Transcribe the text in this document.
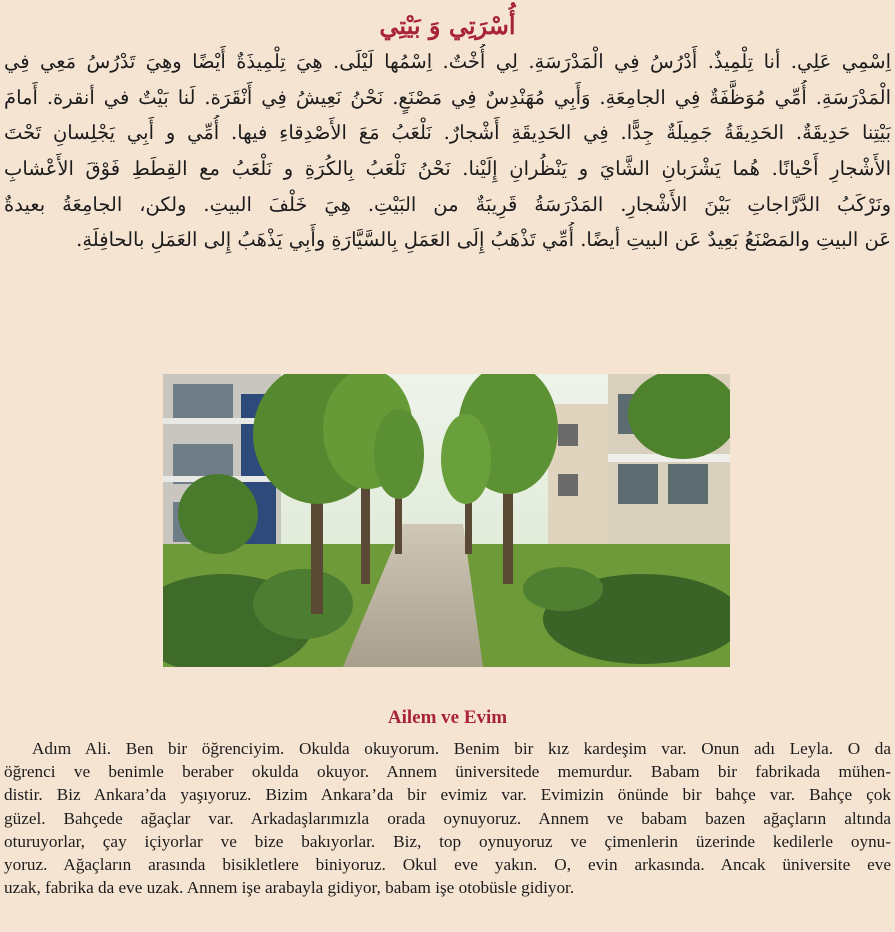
أُسْرَتِي وَ بَيْتِي
اِسْمِي عَلِي. أنا تِلْمِيذٌ. أَدْرُسُ فِي الْمَدْرَسَةِ. لِي أُخْتٌ. اِسْمُها لَيْلَى. هِيَ تِلْمِيذَةٌ أَيْضًا وهِيَ تَدْرُسُ مَعِي فِي
الْمَدْرَسَةِ. أُمِّي مُوَظَّفَةٌ فِي الجامِعَةِ. وَأَبِي مُهَنْدِسٌ فِي مَصْنَعٍ. نَحْنُ نَعِيشُ فِي أَنْقَرَة. لَنا بَيْتٌ في أنقرة. أَمامَ
بَيْتِنا حَدِيقَةٌ. الحَدِيقَةُ جَمِيلَةٌ جِدًّا. فِي الحَدِيقَةِ أَشْجارٌ. نَلْعَبُ مَعَ الأَصْدِقاءِ فيها. أُمِّي و أَبِي يَجْلِسانِ تَحْتَ
الأَشْجارِ أَحْيانًا. هُما يَشْرَبانِ الشَّايَ و يَنْظُرانِ إِلَيْنا. نَحْنُ نَلْعَبُ بِالكُرَةِ و نَلْعَبُ مع القِطَطِ فَوْقَ الأَعْشابِ
ونَرْكَبُ الدَّرَّاجاتِ بَيْنَ الأَشْجارِ. المَدْرَسَةُ قَرِيبَةٌ من البَيْتِ. هِيَ خَلْفَ البيتِ. ولكن، الجامِعَةُ بعيدةٌ
عَن البيتِ والمَصْنَعُ بَعِيدٌ عَن البيتِ أيضًا. أُمِّي تَذْهَبُ إِلَى العَمَلِ بِالسَّيَّارَةِ وأَبِي يَذْهَبُ إِلى العَمَلِ بالحافِلَةِ.
Ailem ve Evim
Adım Ali. Ben bir öğrenciyim. Okulda okuyorum. Benim bir kız kardeşim var. Onun adı Leyla. O da
öğrenci ve benimle beraber okulda okuyor. Annem üniversitede memurdur. Babam bir fabrikada mühen-
distir. Biz Ankara’da yaşıyoruz. Bizim Ankara’da bir evimiz var. Evimizin önünde bir bahçe var. Bahçe çok
güzel. Bahçede ağaçlar var. Arkadaşlarımızla orada oynuyoruz. Annem ve babam bazen ağaçların altında
oturuyorlar, çay içiyorlar ve bize bakıyorlar. Biz, top oynuyoruz ve çimenlerin üzerinde kedilerle oynu-
yoruz. Ağaçların arasında bisikletlere biniyoruz. Okul eve yakın. O, evin arkasında. Ancak üniversite eve
uzak, fabrika da eve uzak. Annem işe arabayla gidiyor, babam işe otobüsle gidiyor.
